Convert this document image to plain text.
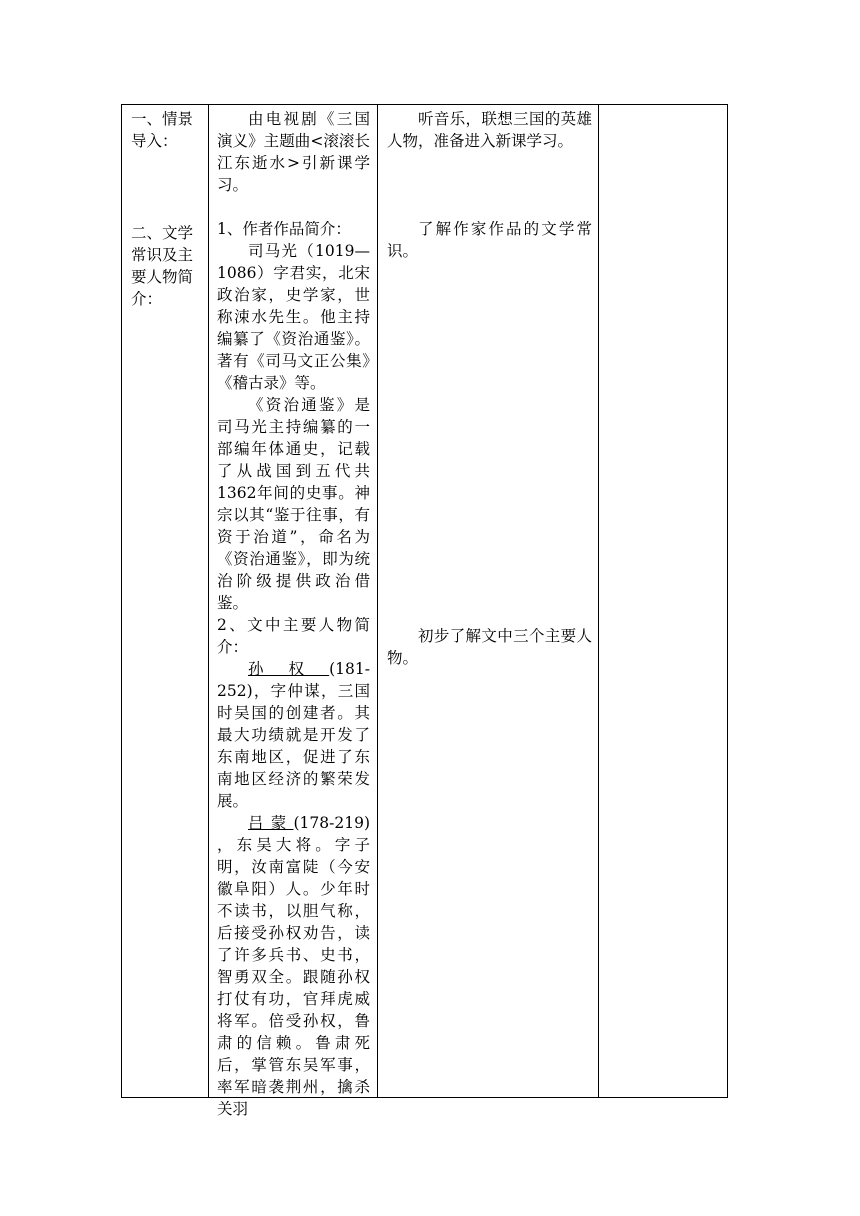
一、情景导入：

二、文学常识及主要人物简介：

由电视剧《三国演义》主题曲<滚滚长江东逝水>引新课学习。

1、作者作品简介：

司马光（1019—1086）字君实，北宋政治家，史学家，世称涑水先生。他主持编纂了《资治通鉴》。著有《司马文正公集》《稽古录》等。

《资治通鉴》是司马光主持编纂的一部编年体通史，记载了从战国到五代共1362年间的史事。神宗以其“鉴于往事，有资于治道”，命名为《资治通鉴》，即为统治阶级提供政治借鉴。

2、文中主要人物简介：

孙权(181-252)，字仲谋，三国时吴国的创建者。其最大功绩就是开发了东南地区，促进了东南地区经济的繁荣发展。

吕蒙(178-219) ，东吴大将。字子明，汝南富陡（今安徽阜阳）人。少年时不读书，以胆气称，后接受孙权劝告，读了许多兵书、史书，智勇双全。跟随孙权打仗有功，官拜虎威将军。倍受孙权，鲁肃的信赖。鲁肃死后，掌管东吴军事，率军暗袭荆州，擒杀关羽

听音乐，联想三国的英雄人物，准备进入新课学习。

了解作家作品的文学常识。

初步了解文中三个主要人物。
